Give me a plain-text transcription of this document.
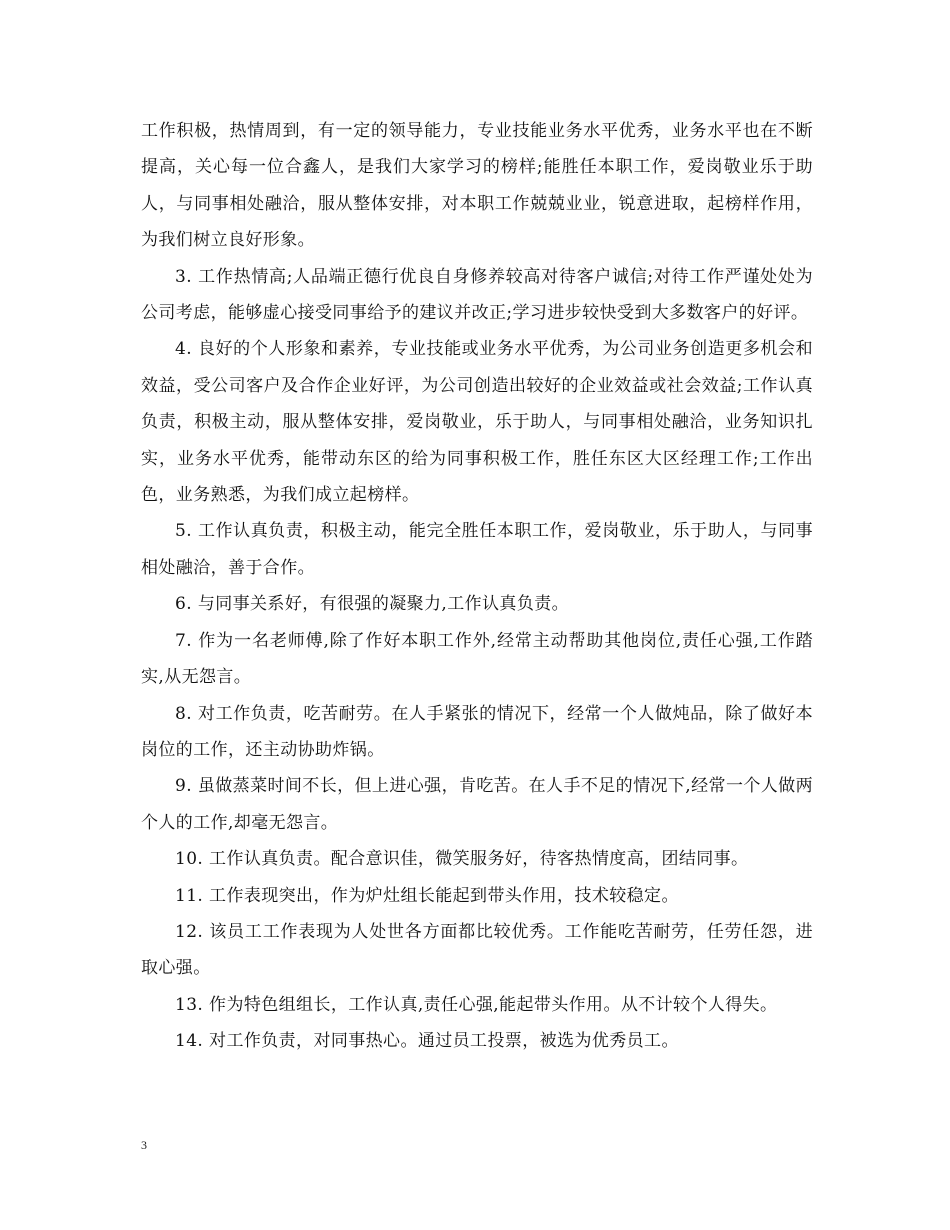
工作积极，热情周到，有一定的领导能力，专业技能业务水平优秀，业务水平也在不断提高，关心每一位合鑫人，是我们大家学习的榜样;能胜任本职工作，爱岗敬业乐于助人，与同事相处融洽，服从整体安排，对本职工作兢兢业业，锐意进取，起榜样作用，为我们树立良好形象。

3. 工作热情高;人品端正德行优良自身修养较高对待客户诚信;对待工作严谨处处为公司考虑，能够虚心接受同事给予的建议并改正;学习进步较快受到大多数客户的好评。

4. 良好的个人形象和素养，专业技能或业务水平优秀，为公司业务创造更多机会和效益，受公司客户及合作企业好评，为公司创造出较好的企业效益或社会效益;工作认真负责，积极主动，服从整体安排，爱岗敬业，乐于助人，与同事相处融洽，业务知识扎实，业务水平优秀，能带动东区的给为同事积极工作，胜任东区大区经理工作;工作出色，业务熟悉，为我们成立起榜样。

5. 工作认真负责，积极主动，能完全胜任本职工作，爱岗敬业，乐于助人，与同事相处融洽，善于合作。

6. 与同事关系好，有很强的凝聚力,工作认真负责。

7. 作为一名老师傅,除了作好本职工作外,经常主动帮助其他岗位,责任心强,工作踏实,从无怨言。

8. 对工作负责，吃苦耐劳。在人手紧张的情况下，经常一个人做炖品，除了做好本岗位的工作，还主动协助炸锅。

9. 虽做蒸菜时间不长，但上进心强，肯吃苦。在人手不足的情况下,经常一个人做两个人的工作,却毫无怨言。

10. 工作认真负责。配合意识佳，微笑服务好，待客热情度高，团结同事。

11. 工作表现突出，作为炉灶组长能起到带头作用，技术较稳定。

12. 该员工工作表现为人处世各方面都比较优秀。工作能吃苦耐劳，任劳任怨，进取心强。

13. 作为特色组组长，工作认真,责任心强,能起带头作用。从不计较个人得失。

14. 对工作负责，对同事热心。通过员工投票，被选为优秀员工。

3
